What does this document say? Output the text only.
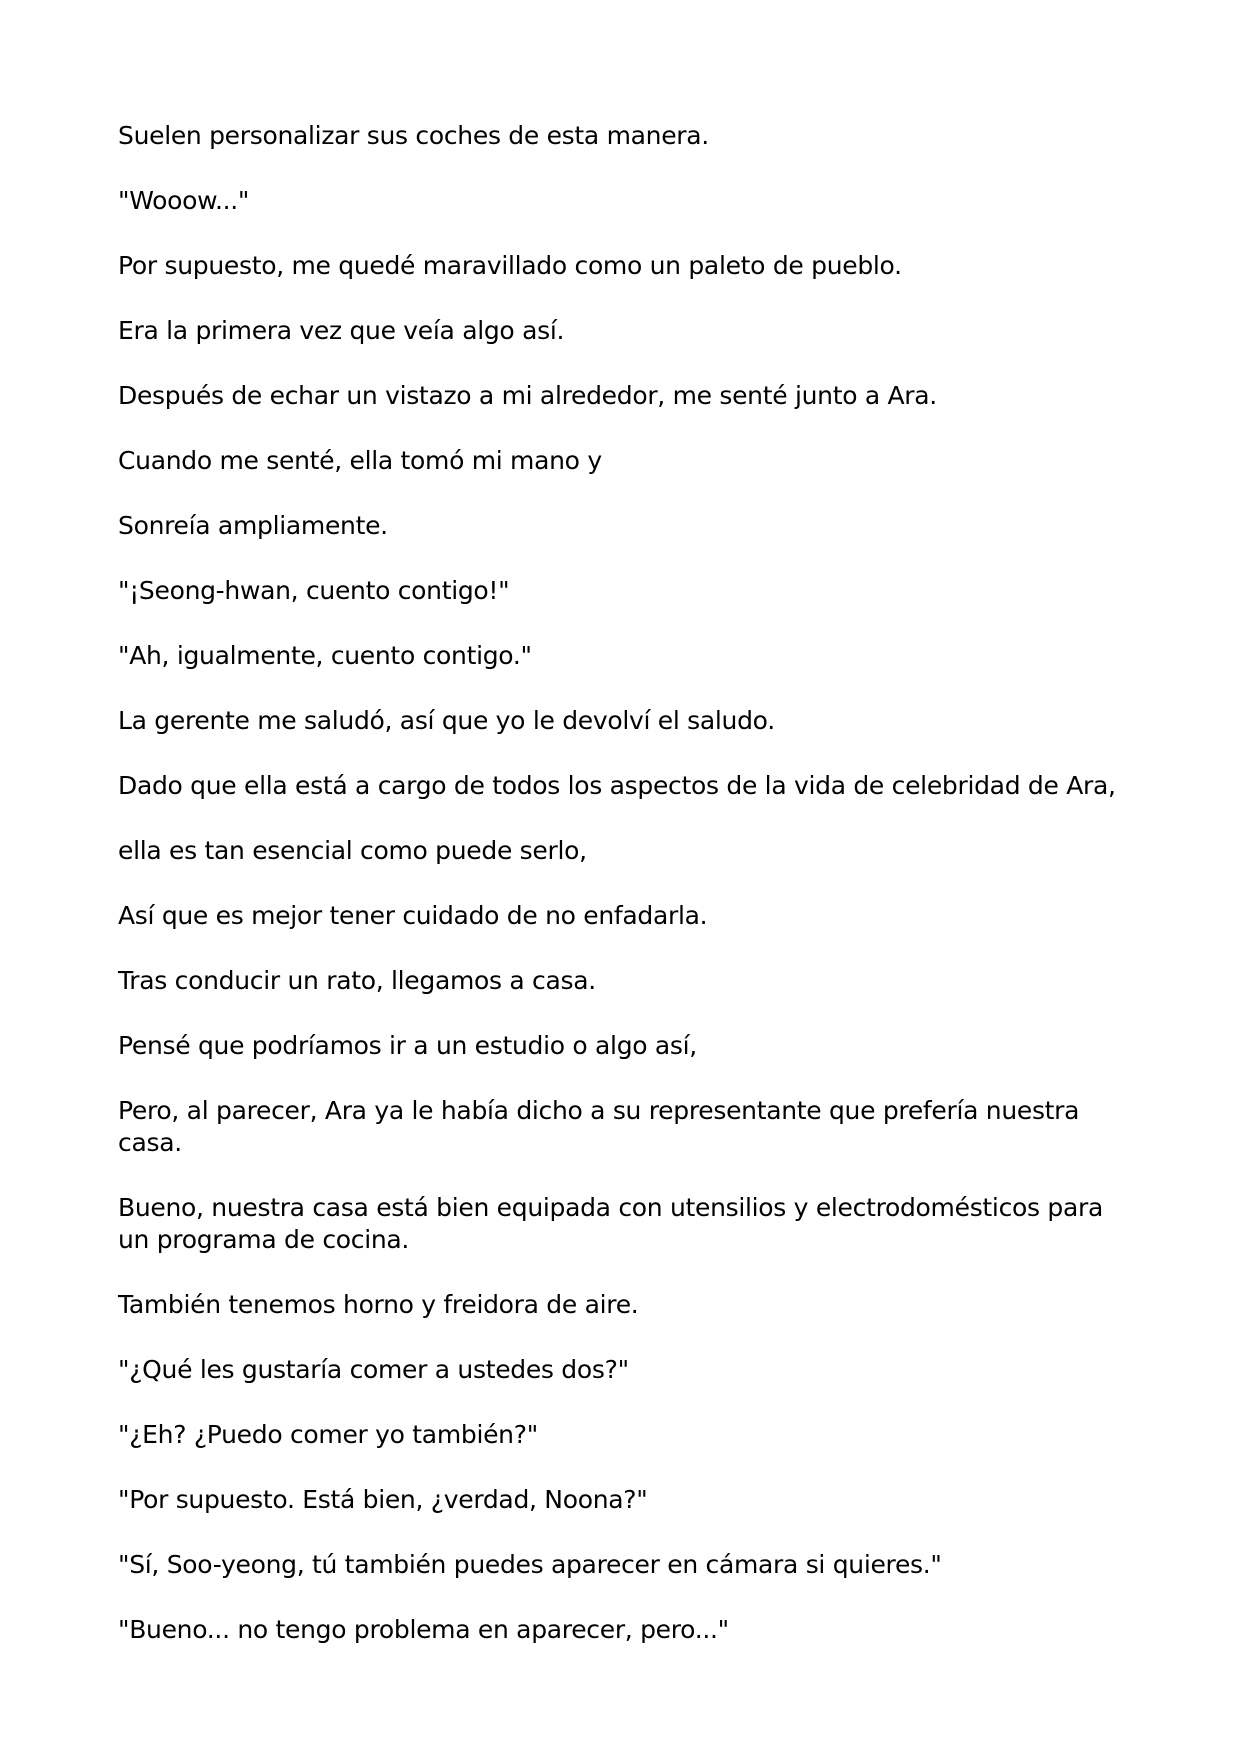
Suelen personalizar sus coches de esta manera.

"Wooow..."

Por supuesto, me quedé maravillado como un paleto de pueblo.

Era la primera vez que veía algo así.

Después de echar un vistazo a mi alrededor, me senté junto a Ara.

Cuando me senté, ella tomó mi mano y

Sonreía ampliamente.

"¡Seong-hwan, cuento contigo!"

"Ah, igualmente, cuento contigo."

La gerente me saludó, así que yo le devolví el saludo.

Dado que ella está a cargo de todos los aspectos de la vida de celebridad de Ara,

ella es tan esencial como puede serlo,

Así que es mejor tener cuidado de no enfadarla.

Tras conducir un rato, llegamos a casa.

Pensé que podríamos ir a un estudio o algo así,

Pero, al parecer, Ara ya le había dicho a su representante que prefería nuestra casa.

Bueno, nuestra casa está bien equipada con utensilios y electrodomésticos para un programa de cocina.

También tenemos horno y freidora de aire.

"¿Qué les gustaría comer a ustedes dos?"

"¿Eh? ¿Puedo comer yo también?"

"Por supuesto. Está bien, ¿verdad, Noona?"

"Sí, Soo-yeong, tú también puedes aparecer en cámara si quieres."

"Bueno... no tengo problema en aparecer, pero..."
